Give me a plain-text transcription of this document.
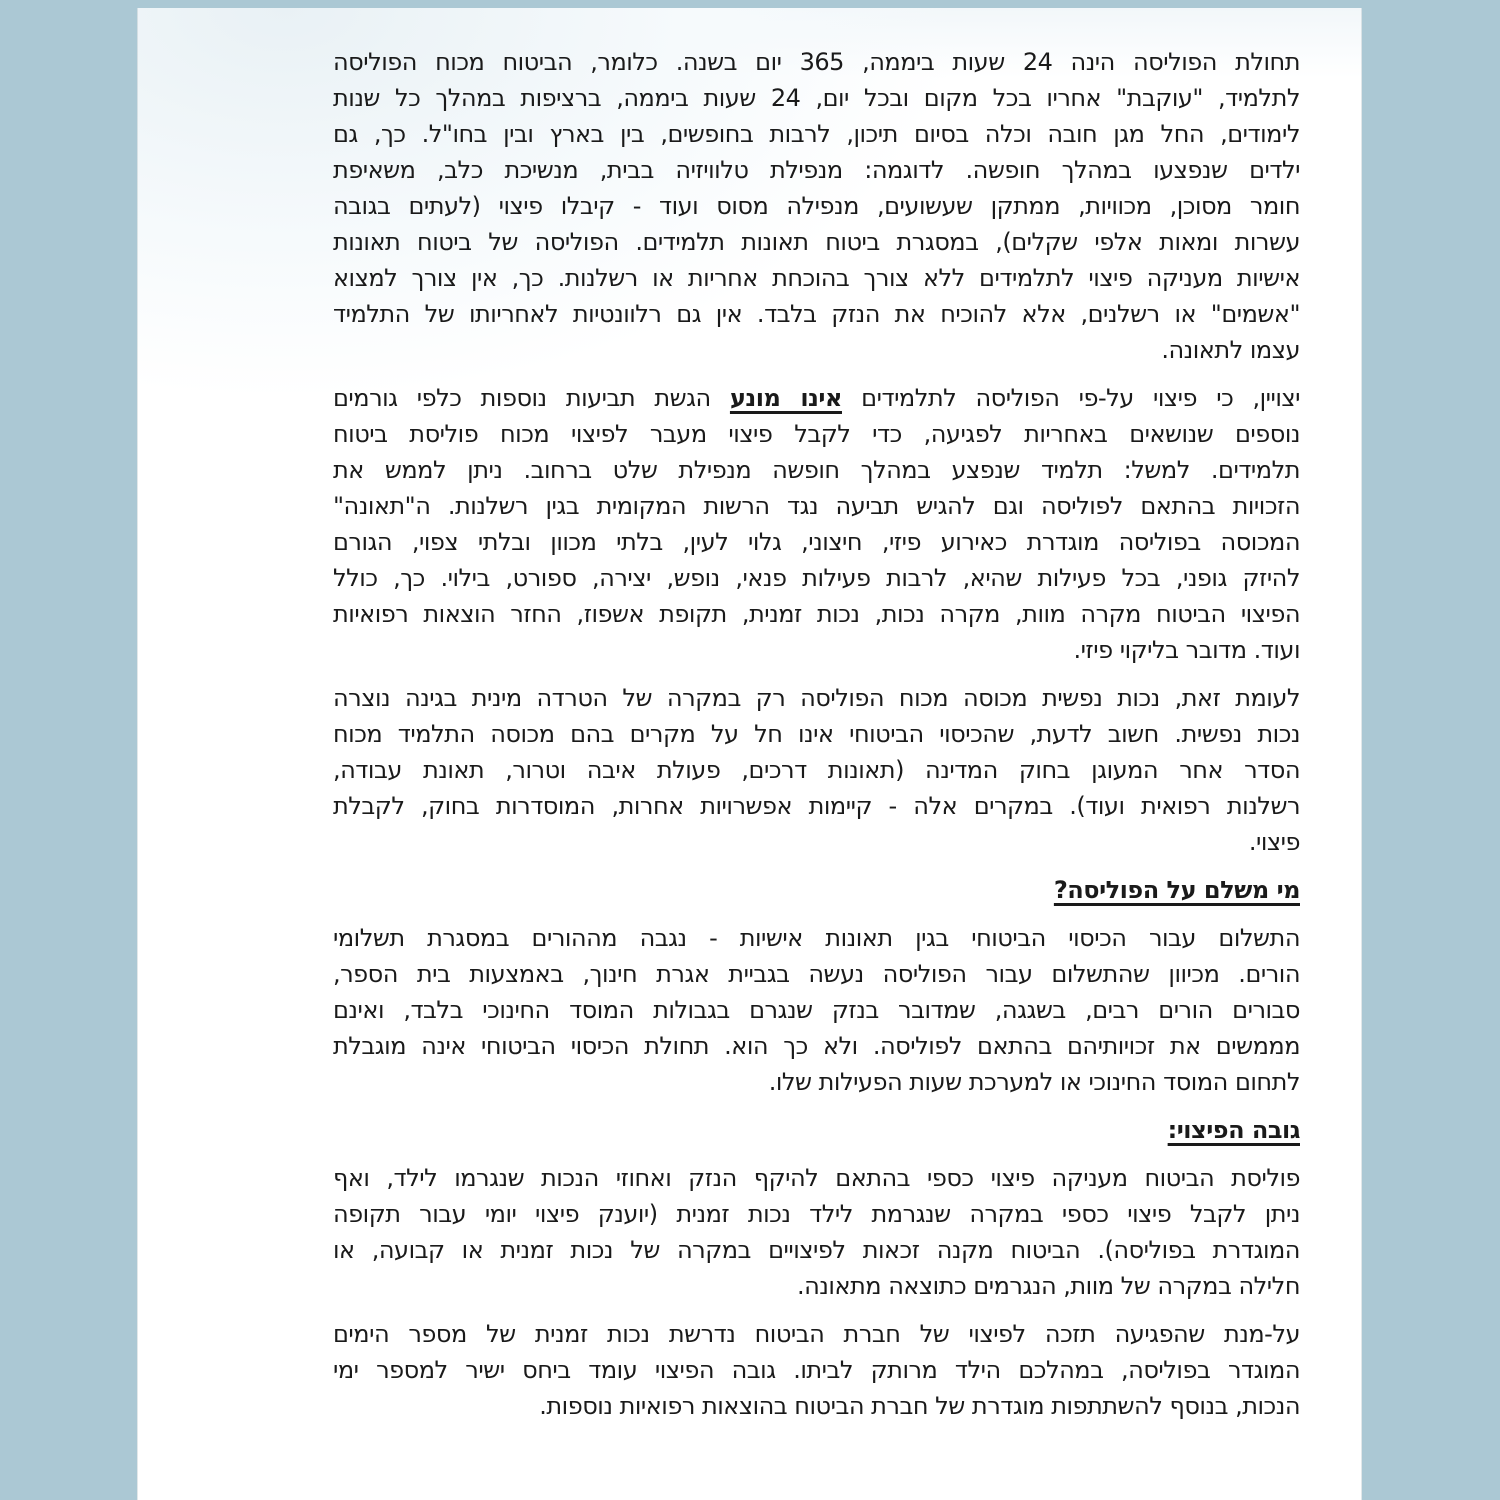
תחולת הפוליסה הינה 24 שעות ביממה, 365 יום בשנה. כלומר, הביטוח מכוח הפוליסה
לתלמיד, "עוקבת" אחריו בכל מקום ובכל יום, 24 שעות ביממה, ברציפות במהלך כל שנות
לימודים, החל מגן חובה וכלה בסיום תיכון, לרבות בחופשים, בין בארץ ובין בחו"ל. כך, גם
ילדים שנפצעו במהלך חופשה. לדוגמה: מנפילת טלוויזיה בבית, מנשיכת כלב, משאיפת
חומר מסוכן, מכוויות, ממתקן שעשועים, מנפילה מסוס ועוד - קיבלו פיצוי (לעתים בגובה
עשרות ומאות אלפי שקלים), במסגרת ביטוח תאונות תלמידים. הפוליסה של ביטוח תאונות
אישיות מעניקה פיצוי לתלמידים ללא צורך בהוכחת אחריות או רשלנות. כך, אין צורך למצוא
"אשמים" או רשלנים, אלא להוכיח את הנזק בלבד. אין גם רלוונטיות לאחריותו של התלמיד
עצמו לתאונה.
יצויין, כי פיצוי על-פי הפוליסה לתלמידים אינו מונע הגשת תביעות נוספות כלפי גורמים
נוספים שנושאים באחריות לפגיעה, כדי לקבל פיצוי מעבר לפיצוי מכוח פוליסת ביטוח
תלמידים. למשל: תלמיד שנפצע במהלך חופשה מנפילת שלט ברחוב. ניתן לממש את
הזכויות בהתאם לפוליסה וגם להגיש תביעה נגד הרשות המקומית בגין רשלנות. ה"תאונה"
המכוסה בפוליסה מוגדרת כאירוע פיזי, חיצוני, גלוי לעין, בלתי מכוון ובלתי צפוי, הגורם
להיזק גופני, בכל פעילות שהיא, לרבות פעילות פנאי, נופש, יצירה, ספורט, בילוי. כך, כולל
הפיצוי הביטוח מקרה מוות, מקרה נכות, נכות זמנית, תקופת אשפוז, החזר הוצאות רפואיות
ועוד. מדובר בליקוי פיזי.
לעומת זאת, נכות נפשית מכוסה מכוח הפוליסה רק במקרה של הטרדה מינית בגינה נוצרה
נכות נפשית. חשוב לדעת, שהכיסוי הביטוחי אינו חל על מקרים בהם מכוסה התלמיד מכוח
הסדר אחר המעוגן בחוק המדינה (תאונות דרכים, פעולת איבה וטרור, תאונת עבודה,
רשלנות רפואית ועוד). במקרים אלה - קיימות אפשרויות אחרות, המוסדרות בחוק, לקבלת
פיצוי.
מי משלם על הפוליסה?
התשלום עבור הכיסוי הביטוחי בגין תאונות אישיות - נגבה מההורים במסגרת תשלומי
הורים. מכיוון שהתשלום עבור הפוליסה נעשה בגביית אגרת חינוך, באמצעות בית הספר,
סבורים הורים רבים, בשגגה, שמדובר בנזק שנגרם בגבולות המוסד החינוכי בלבד, ואינם
מממשים את זכויותיהם בהתאם לפוליסה. ולא כך הוא. תחולת הכיסוי הביטוחי אינה מוגבלת
לתחום המוסד החינוכי או למערכת שעות הפעילות שלו.
גובה הפיצוי:
פוליסת הביטוח מעניקה פיצוי כספי בהתאם להיקף הנזק ואחוזי הנכות שנגרמו לילד, ואף
ניתן לקבל פיצוי כספי במקרה שנגרמת לילד נכות זמנית (יוענק פיצוי יומי עבור תקופה
המוגדרת בפוליסה). הביטוח מקנה זכאות לפיצויים במקרה של נכות זמנית או קבועה, או
חלילה במקרה של מוות, הנגרמים כתוצאה מתאונה.
על-מנת שהפגיעה תזכה לפיצוי של חברת הביטוח נדרשת נכות זמנית של מספר הימים
המוגדר בפוליסה, במהלכם הילד מרותק לביתו. גובה הפיצוי עומד ביחס ישיר למספר ימי
הנכות, בנוסף להשתתפות מוגדרת של חברת הביטוח בהוצאות רפואיות נוספות.
